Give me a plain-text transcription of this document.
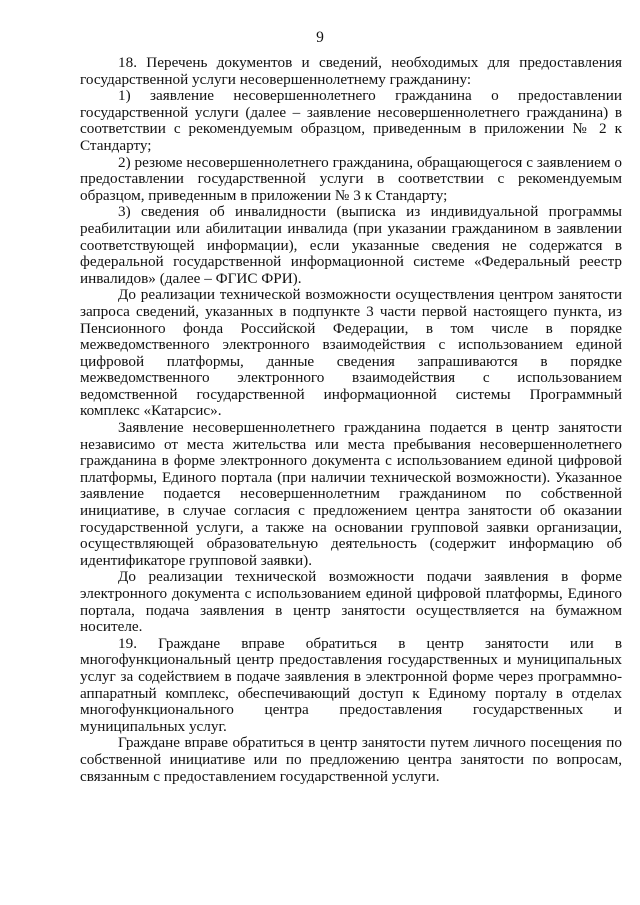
9

18. Перечень документов и сведений, необходимых для предоставления государственной услуги несовершеннолетнему гражданину:

1) заявление несовершеннолетнего гражданина о предоставлении государственной услуги (далее – заявление несовершеннолетнего гражданина) в соответствии с рекомендуемым образцом, приведенным в приложении № 2 к Стандарту;

2) резюме несовершеннолетнего гражданина, обращающегося с заявлением о предоставлении государственной услуги в соответствии с рекомендуемым образцом, приведенным в приложении № 3 к Стандарту;

3) сведения об инвалидности (выписка из индивидуальной программы реабилитации или абилитации инвалида (при указании гражданином в заявлении соответствующей информации), если указанные сведения не содержатся в федеральной государственной информационной системе «Федеральный реестр инвалидов» (далее – ФГИС ФРИ).

До реализации технической возможности осуществления центром занятости запроса сведений, указанных в подпункте 3 части первой настоящего пункта, из Пенсионного фонда Российской Федерации, в том числе в порядке межведомственного электронного взаимодействия с использованием единой цифровой платформы, данные сведения запрашиваются в порядке межведомственного электронного взаимодействия с использованием ведомственной государственной информационной системы Программный комплекс «Катарсис».

Заявление несовершеннолетнего гражданина подается в центр занятости независимо от места жительства или места пребывания несовершеннолетнего гражданина в форме электронного документа с использованием единой цифровой платформы, Единого портала (при наличии технической возможности). Указанное заявление подается несовершеннолетним гражданином по собственной инициативе, в случае согласия с предложением центра занятости об оказании государственной услуги, а также на основании групповой заявки организации, осуществляющей образовательную деятельность (содержит информацию об идентификаторе групповой заявки).

До реализации технической возможности подачи заявления в форме электронного документа с использованием единой цифровой платформы, Единого портала, подача заявления в центр занятости осуществляется на бумажном носителе.

19. Граждане вправе обратиться в центр занятости или в многофункциональный центр предоставления государственных и муниципальных услуг за содействием в подаче заявления в электронной форме через программно-аппаратный комплекс, обеспечивающий доступ к Единому порталу в отделах многофункционального центра предоставления государственных и муниципальных услуг.

Граждане вправе обратиться в центр занятости путем личного посещения по собственной инициативе или по предложению центра занятости по вопросам, связанным с предоставлением государственной услуги.
